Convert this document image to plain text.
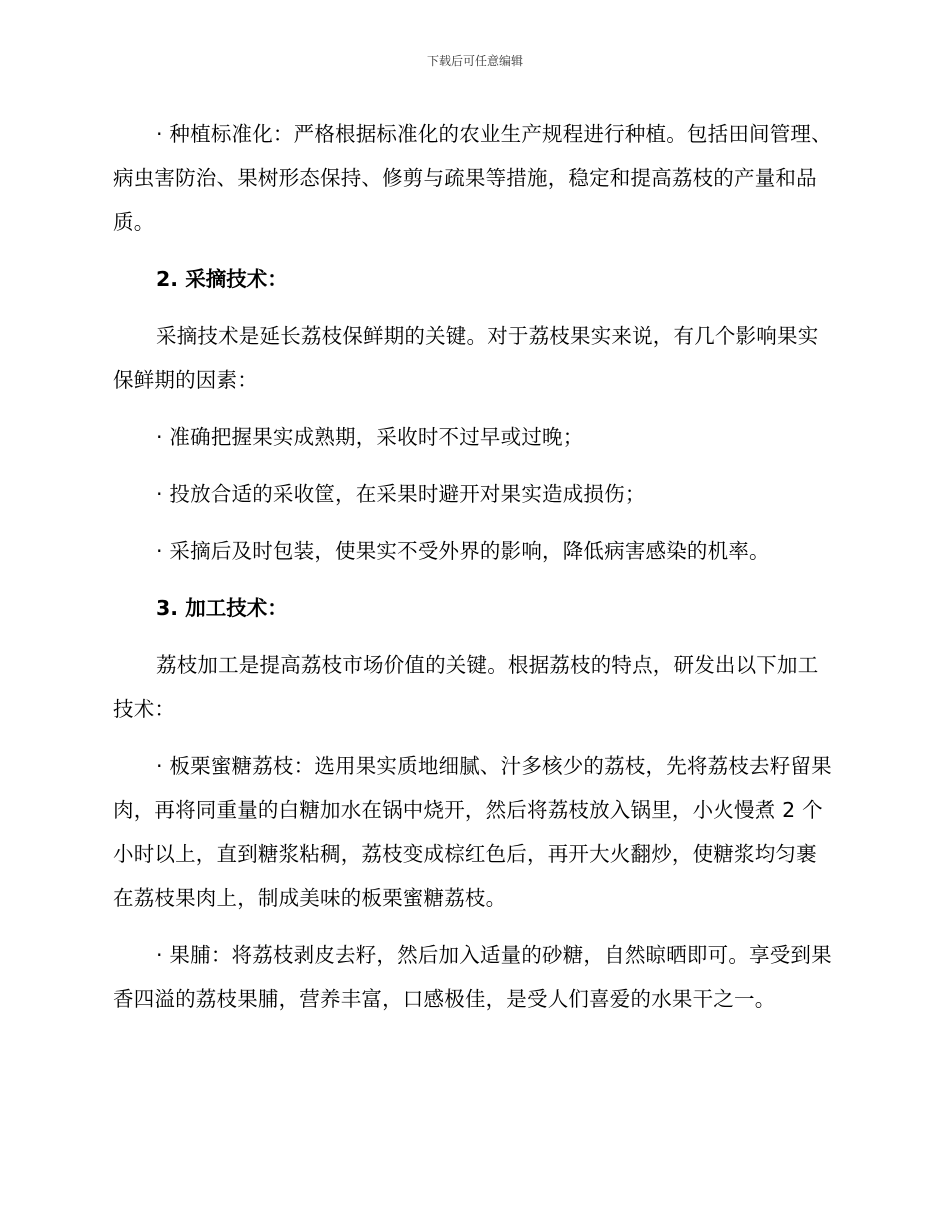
下载后可任意编辑

· 种植标准化：严格根据标准化的农业生产规程进行种植。包括田间管理、病虫害防治、果树形态保持、修剪与疏果等措施，稳定和提高荔枝的产量和品质。

2. 采摘技术：

采摘技术是延长荔枝保鲜期的关键。对于荔枝果实来说，有几个影响果实保鲜期的因素：

· 准确把握果实成熟期，采收时不过早或过晚；

· 投放合适的采收筐，在采果时避开对果实造成损伤；

· 采摘后及时包装，使果实不受外界的影响，降低病害感染的机率。

3. 加工技术：

荔枝加工是提高荔枝市场价值的关键。根据荔枝的特点，研发出以下加工技术：

· 板栗蜜糖荔枝：选用果实质地细腻、汁多核少的荔枝，先将荔枝去籽留果肉，再将同重量的白糖加水在锅中烧开，然后将荔枝放入锅里，小火慢煮 2 个小时以上，直到糖浆粘稠，荔枝变成棕红色后，再开大火翻炒，使糖浆均匀裹在荔枝果肉上，制成美味的板栗蜜糖荔枝。

· 果脯：将荔枝剥皮去籽，然后加入适量的砂糖，自然晾晒即可。享受到果香四溢的荔枝果脯，营养丰富，口感极佳，是受人们喜爱的水果干之一。
